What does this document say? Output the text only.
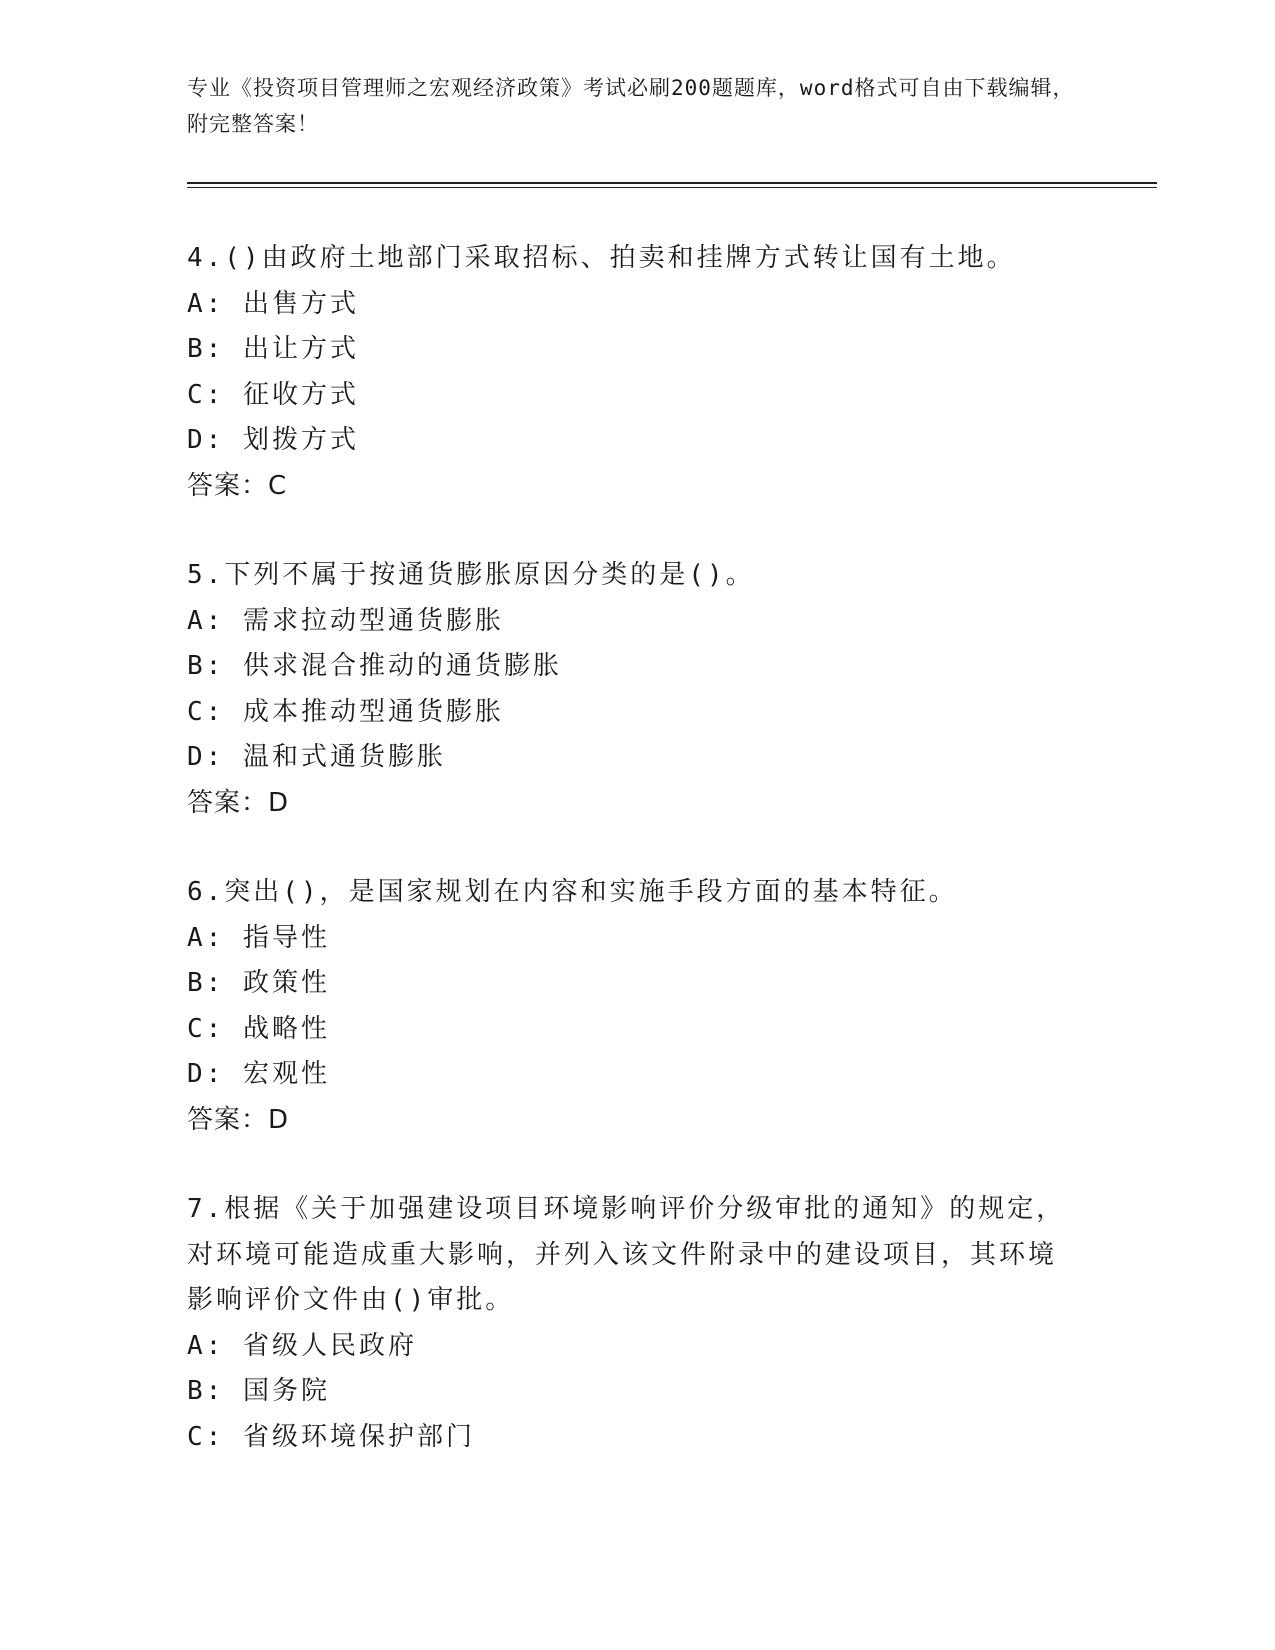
专业《投资项目管理师之宏观经济政策》考试必刷200题题库，word格式可自由下载编辑，附完整答案！

4.()由政府土地部门采取招标、拍卖和挂牌方式转让国有土地。

A: 出售方式

B: 出让方式

C: 征收方式

D: 划拨方式

答案：C

5.下列不属于按通货膨胀原因分类的是()。

A: 需求拉动型通货膨胀

B: 供求混合推动的通货膨胀

C: 成本推动型通货膨胀

D: 温和式通货膨胀

答案：D

6.突出()，是国家规划在内容和实施手段方面的基本特征。

A: 指导性

B: 政策性

C: 战略性

D: 宏观性

答案：D

7.根据《关于加强建设项目环境影响评价分级审批的通知》的规定，对环境可能造成重大影响，并列入该文件附录中的建设项目，其环境影响评价文件由()审批。

A: 省级人民政府

B: 国务院

C: 省级环境保护部门
